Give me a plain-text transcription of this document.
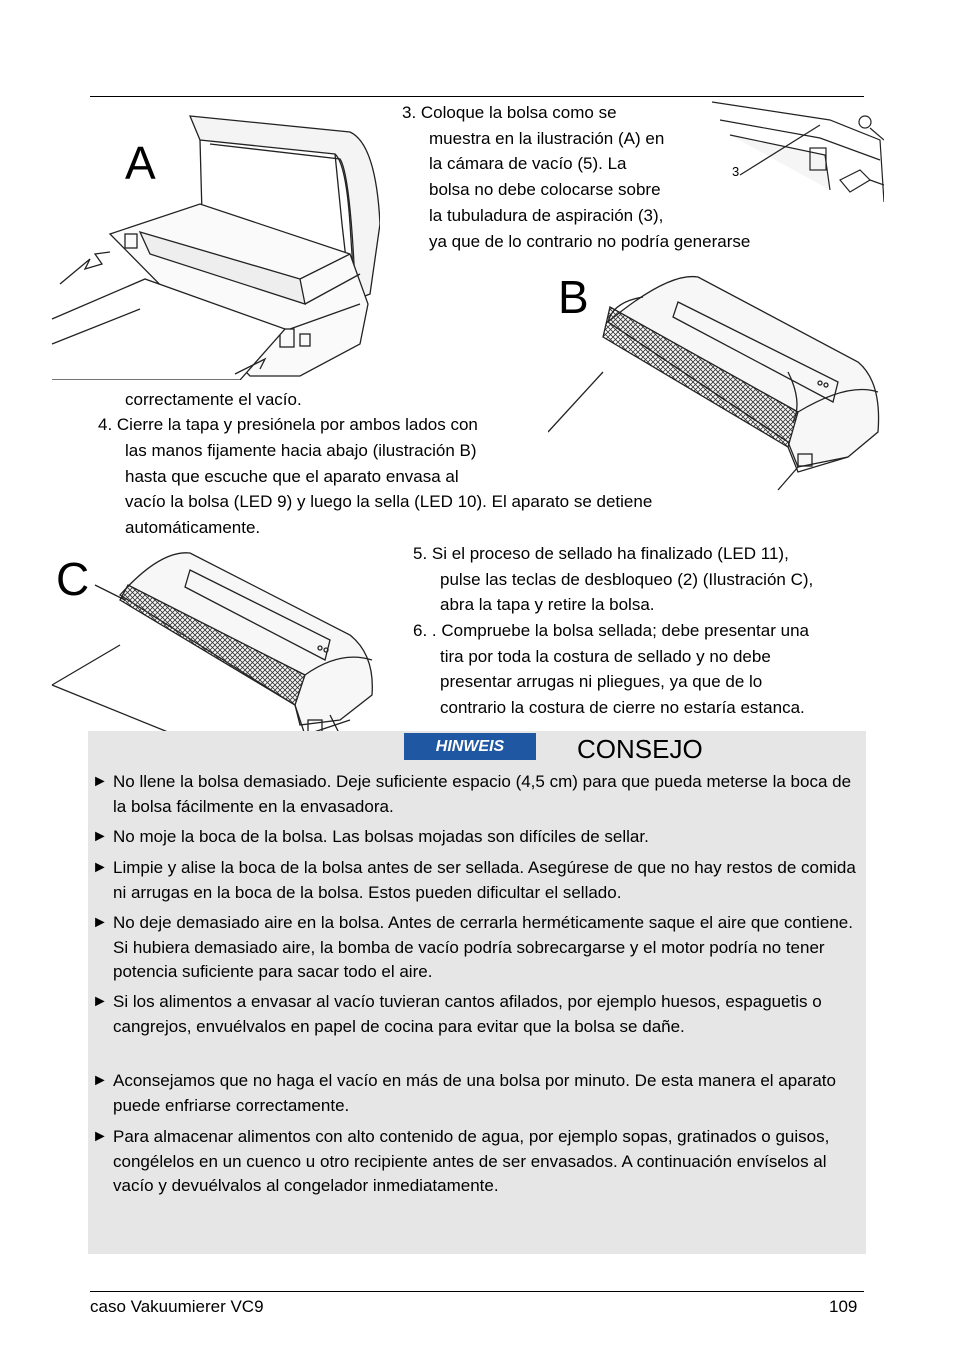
A	3
3. Coloque la bolsa como se
muestra en la ilustración (A) en
la cámara de vacío (5). La
bolsa no debe colocarse sobre
la tubuladura de aspiración (3),
ya que de lo contrario no podría generarse
correctamente el vacío.
B
4. Cierre la tapa y presiónela por ambos lados con
las manos fijamente hacia abajo (ilustración B)
hasta que escuche que el aparato envasa al
vacío la bolsa (LED 9) y luego la sella (LED 10). El aparato se detiene
automáticamente.
C	5. Si el proceso de sellado ha finalizado (LED 11),
pulse las teclas de desbloqueo (2) (Ilustración C),
abra la tapa y retire la bolsa.
6. . Compruebe la bolsa sellada; debe presentar una
tira por toda la costura de sellado y no debe
presentar arrugas ni pliegues, ya que de lo
contrario la costura de cierre no estaría estanca.
HINWEIS	CONSEJO
► No llene la bolsa demasiado. Deje suficiente espacio (4,5 cm) para que pueda meterse la boca de la bolsa fácilmente en la envasadora.
► No moje la boca de la bolsa. Las bolsas mojadas son difíciles de sellar.
► Limpie y alise la boca de la bolsa antes de ser sellada. Asegúrese de que no hay restos de comida ni arrugas en la boca de la bolsa. Estos pueden dificultar el sellado.
► No deje demasiado aire en la bolsa. Antes de cerrarla herméticamente saque el aire que contiene. Si hubiera demasiado aire, la bomba de vacío podría sobrecargarse y el motor podría no tener potencia suficiente para sacar todo el aire.
► Si los alimentos a envasar al vacío tuvieran cantos afilados, por ejemplo huesos, espaguetis o cangrejos, envuélvalos en papel de cocina para evitar que la bolsa se dañe.
► Aconsejamos que no haga el vacío en más de una bolsa por minuto. De esta manera el aparato puede enfriarse correctamente.
► Para almacenar alimentos con alto contenido de agua, por ejemplo sopas, gratinados o guisos, congélelos en un cuenco u otro recipiente antes de ser envasados. A continuación envíselos al vacío y devuélvalos al congelador inmediatamente.
caso Vakuumierer VC9	109
